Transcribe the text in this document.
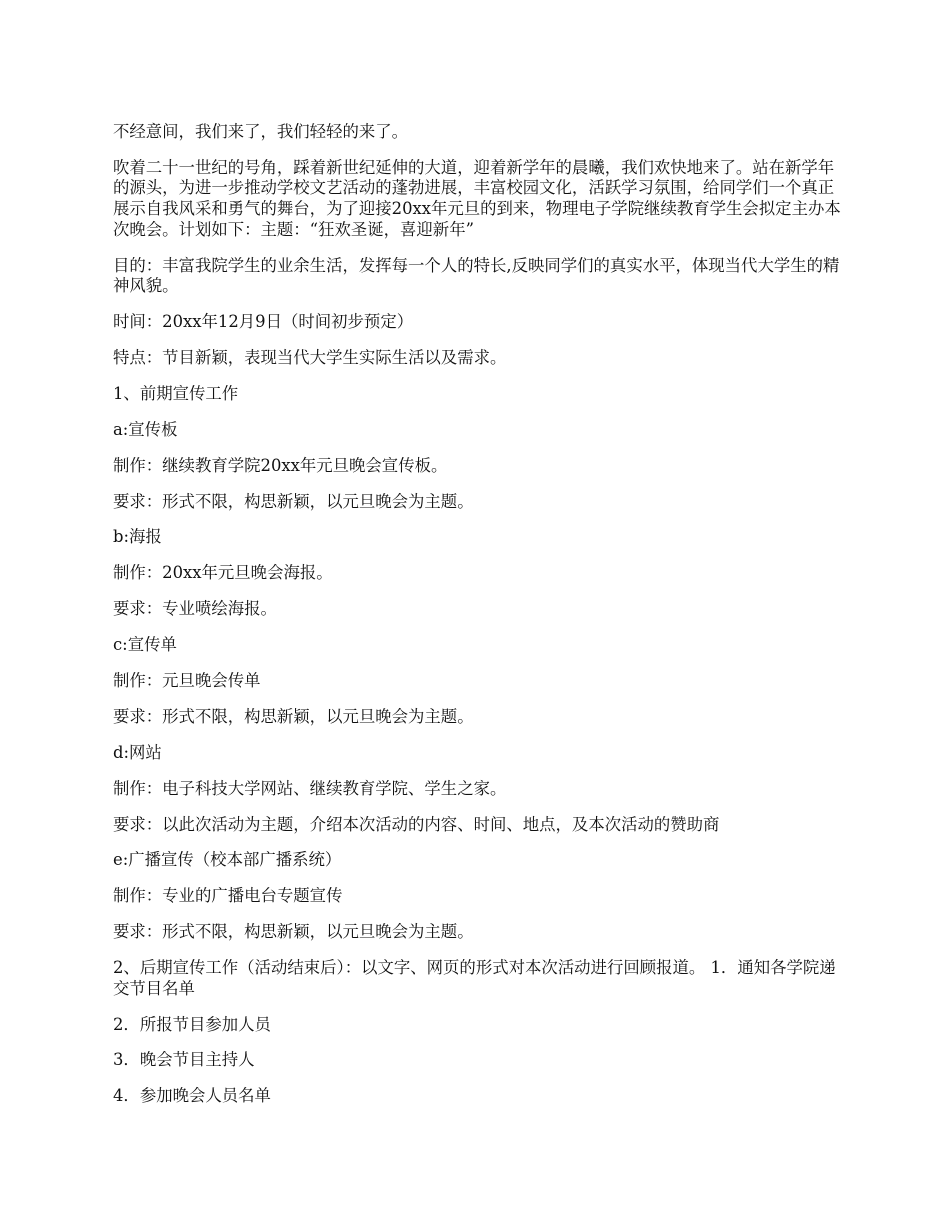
不经意间，我们来了，我们轻轻的来了。

吹着二十一世纪的号角，踩着新世纪延伸的大道，迎着新学年的晨曦，我们欢快地来了。站在新学年的源头，为进一步推动学校文艺活动的蓬勃进展，丰富校园文化，活跃学习氛围，给同学们一个真正展示自我风采和勇气的舞台，为了迎接20xx年元旦的到来，物理电子学院继续教育学生会拟定主办本次晚会。计划如下：主题：“狂欢圣诞，喜迎新年”

目的：丰富我院学生的业余生活，发挥每一个人的特长,反映同学们的真实水平，体现当代大学生的精神风貌。

时间：20xx年12月9日（时间初步预定）

特点：节目新颖，表现当代大学生实际生活以及需求。

1、前期宣传工作

a:宣传板

制作：继续教育学院20xx年元旦晚会宣传板。

要求：形式不限，构思新颖，以元旦晚会为主题。

b:海报

制作：20xx年元旦晚会海报。

要求：专业喷绘海报。

c:宣传单

制作：元旦晚会传单

要求：形式不限，构思新颖，以元旦晚会为主题。

d:网站

制作：电子科技大学网站、继续教育学院、学生之家。

要求：以此次活动为主题，介绍本次活动的内容、时间、地点，及本次活动的赞助商

e:广播宣传（校本部广播系统）

制作：专业的广播电台专题宣传

要求：形式不限，构思新颖，以元旦晚会为主题。

2、后期宣传工作（活动结束后）：以文字、网页的形式对本次活动进行回顾报道。 1．通知各学院递交节目名单

2．所报节目参加人员

3．晚会节目主持人

4．参加晚会人员名单
